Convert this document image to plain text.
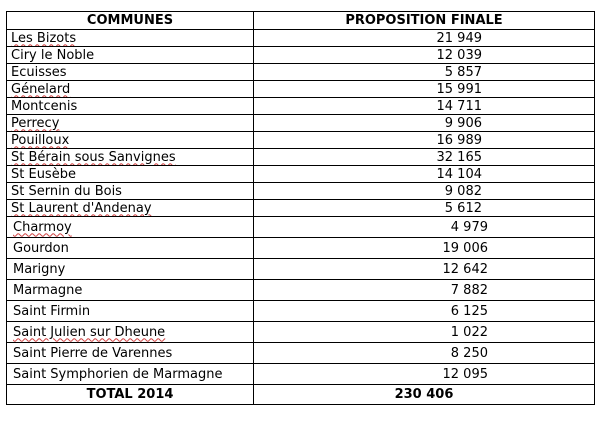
COMMUNES	PROPOSITION FINALE
Les Bizots	21 949
Ciry le Noble	12 039
Ecuisses	5 857
Génelard	15 991
Montcenis	14 711
Perrecy	9 906
Pouilloux	16 989
St Bérain sous Sanvignes	32 165
St Eusèbe	14 104
St Sernin du Bois	9 082
St Laurent d'Andenay	5 612
Charmoy	4 979
Gourdon	19 006
Marigny	12 642
Marmagne	7 882
Saint Firmin	6 125
Saint Julien sur Dheune	1 022
Saint Pierre de Varennes	8 250
Saint Symphorien de Marmagne	12 095
TOTAL 2014	230 406
